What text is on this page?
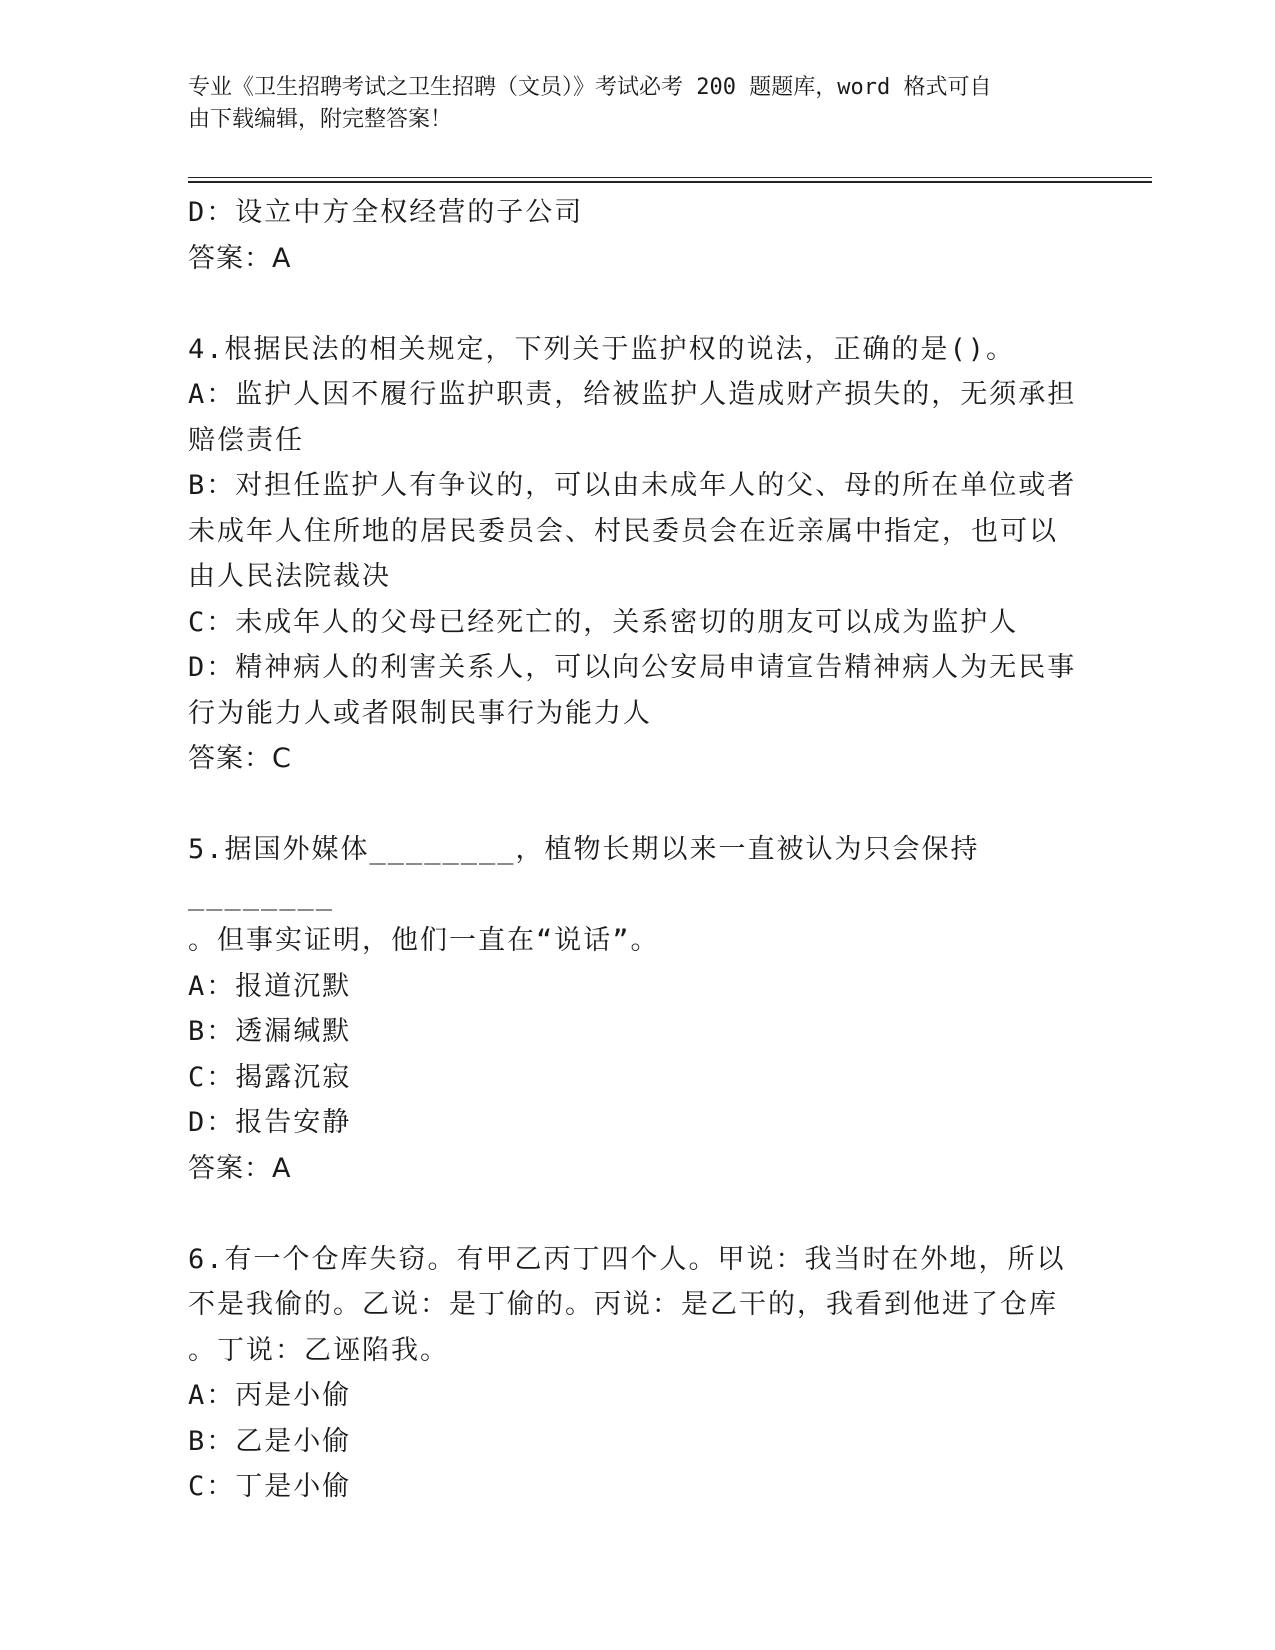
专业《卫生招聘考试之卫生招聘（文员）》考试必考 200 题题库，word 格式可自

由下载编辑，附完整答案！

D：设立中方全权经营的子公司

答案：A

4.根据民法的相关规定，下列关于监护权的说法，正确的是()。

A：监护人因不履行监护职责，给被监护人造成财产损失的，无须承担

赔偿责任

B：对担任监护人有争议的，可以由未成年人的父、母的所在单位或者

未成年人住所地的居民委员会、村民委员会在近亲属中指定，也可以

由人民法院裁决

C：未成年人的父母已经死亡的，关系密切的朋友可以成为监护人

D：精神病人的利害关系人，可以向公安局申请宣告精神病人为无民事

行为能力人或者限制民事行为能力人

答案：C

5.据国外媒体________，植物长期以来一直被认为只会保持________

。但事实证明，他们一直在“说话”。

A：报道沉默

B：透漏缄默

C：揭露沉寂

D：报告安静

答案：A

6.有一个仓库失窃。有甲乙丙丁四个人。甲说：我当时在外地，所以

不是我偷的。乙说：是丁偷的。丙说：是乙干的，我看到他进了仓库

。丁说：乙诬陷我。

A：丙是小偷

B：乙是小偷

C：丁是小偷
